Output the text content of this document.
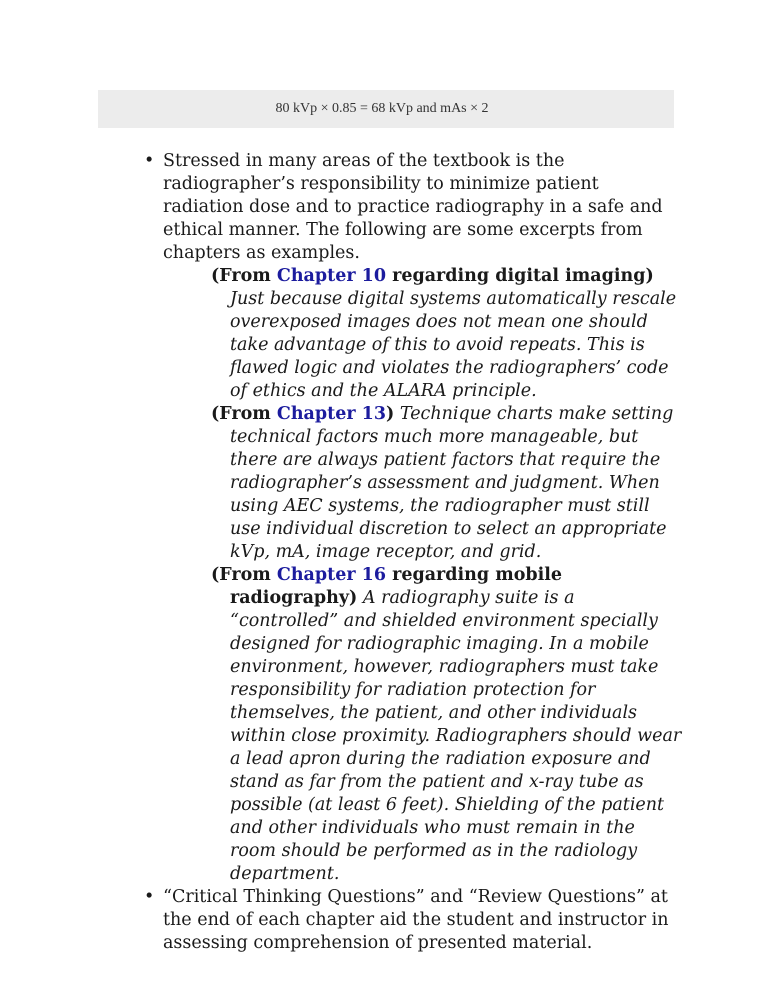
80 kVp × 0.85 = 68 kVp and mAs × 2
• Stressed in many areas of the textbook is the radiographer’s responsibility to minimize patient radiation dose and to practice radiography in a safe and ethical manner. The following are some excerpts from chapters as examples.
(From Chapter 10 regarding digital imaging) Just because digital systems automatically rescale overexposed images does not mean one should take advantage of this to avoid repeats. This is flawed logic and violates the radiographers’ code of ethics and the ALARA principle.
(From Chapter 13) Technique charts make setting technical factors much more manageable, but there are always patient factors that require the radiographer’s assessment and judgment. When using AEC systems, the radiographer must still use individual discretion to select an appropriate kVp, mA, image receptor, and grid.
(From Chapter 16 regarding mobile radiography) A radiography suite is a “controlled” and shielded environment specially designed for radiographic imaging. In a mobile environment, however, radiographers must take responsibility for radiation protection for themselves, the patient, and other individuals within close proximity. Radiographers should wear a lead apron during the radiation exposure and stand as far from the patient and x-ray tube as possible (at least 6 feet). Shielding of the patient and other individuals who must remain in the room should be performed as in the radiology department.
• “Critical Thinking Questions” and “Review Questions” at the end of each chapter aid the student and instructor in assessing comprehension of presented material.
